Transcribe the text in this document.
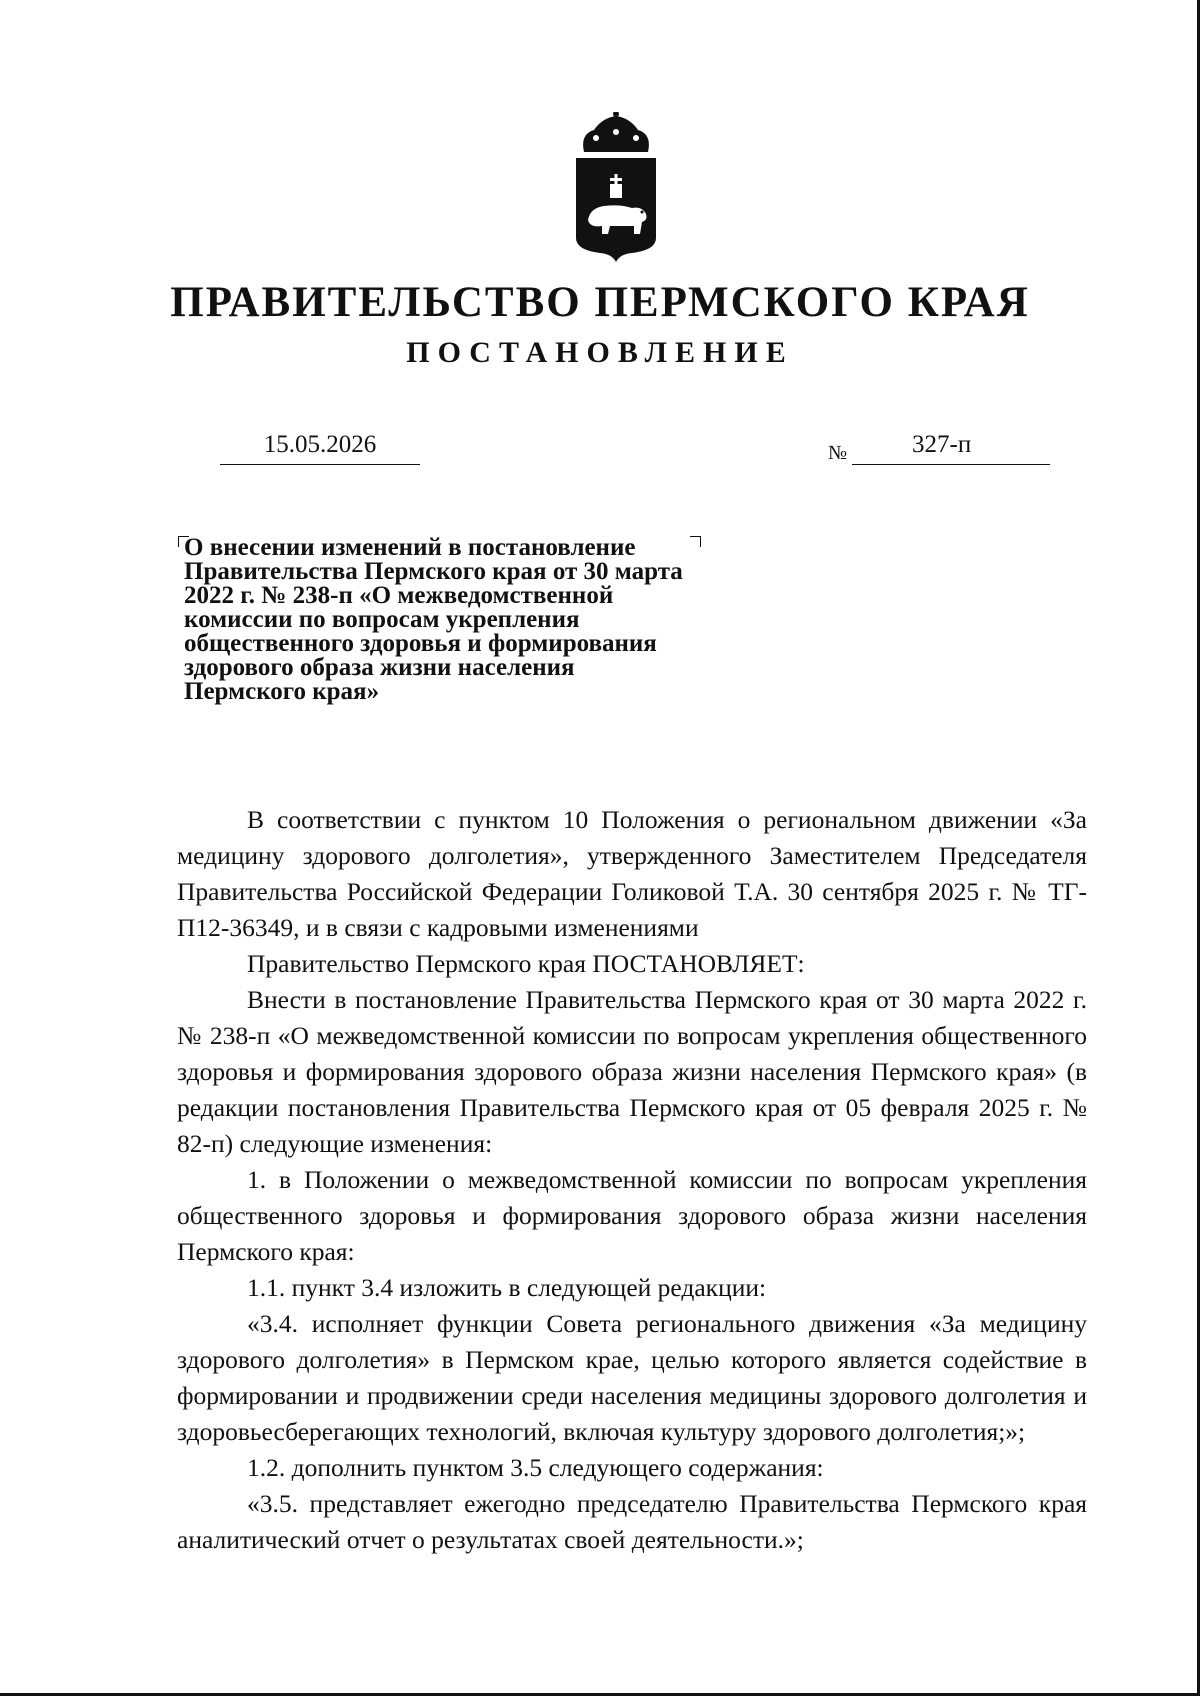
ПРАВИТЕЛЬСТВО ПЕРМСКОГО КРАЯ
ПОСТАНОВЛЕНИЕ
15.05.2026	№	327-п
О внесении изменений в постановление
Правительства Пермского края от 30 марта
2022 г. № 238-п «О межведомственной
комиссии по вопросам укрепления
общественного здоровья и формирования
здорового образа жизни населения
Пермского края»

В соответствии с пунктом 10 Положения о региональном движении «За медицину здорового долголетия», утвержденного Заместителем Председателя Правительства Российской Федерации Голиковой Т.А. 30 сентября 2025 г. № ТГ-П12-36349, и в связи с кадровыми изменениями

Правительство Пермского края ПОСТАНОВЛЯЕТ:

Внести в постановление Правительства Пермского края от 30 марта 2022 г. № 238-п «О межведомственной комиссии по вопросам укрепления общественного здоровья и формирования здорового образа жизни населения Пермского края» (в редакции постановления Правительства Пермского края от 05 февраля 2025 г. № 82-п) следующие изменения:

1. в Положении о межведомственной комиссии по вопросам укрепления общественного здоровья и формирования здорового образа жизни населения Пермского края:

1.1. пункт 3.4 изложить в следующей редакции:

«3.4. исполняет функции Совета регионального движения «За медицину здорового долголетия» в Пермском крае, целью которого является содействие в формировании и продвижении среди населения медицины здорового долголетия и здоровьесберегающих технологий, включая культуру здорового долголетия;»;

1.2. дополнить пунктом 3.5 следующего содержания:

«3.5. представляет ежегодно председателю Правительства Пермского края аналитический отчет о результатах своей деятельности.»;
